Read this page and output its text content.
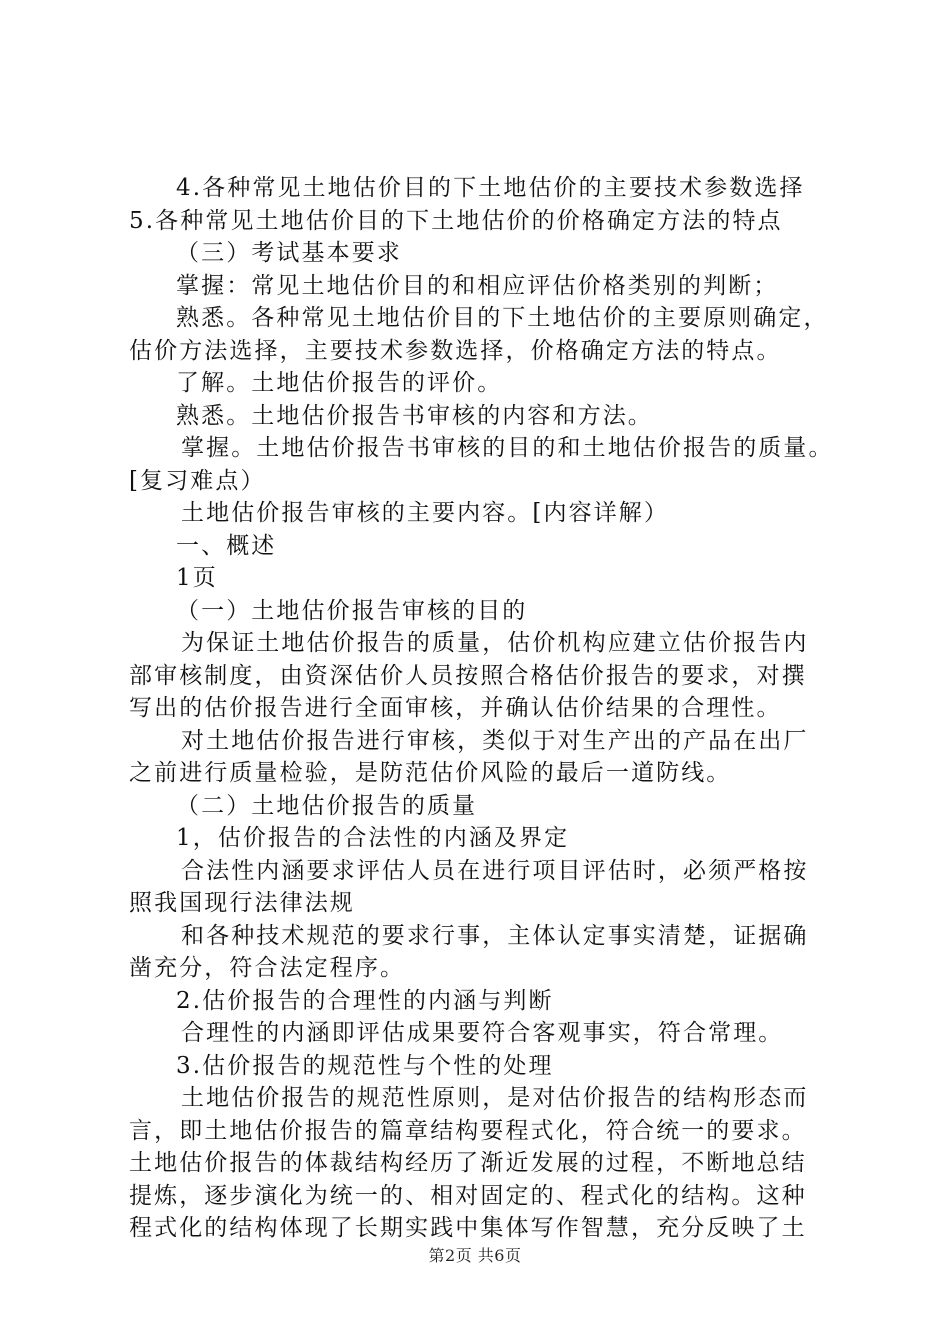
4.各种常见土地估价目的下土地估价的主要技术参数选择
5.各种常见土地估价目的下土地估价的价格确定方法的特点
（三）考试基本要求
掌握：常见土地估价目的和相应评估价格类别的判断；
熟悉。各种常见土地估价目的下土地估价的主要原则确定，
估价方法选择，主要技术参数选择，价格确定方法的特点。
了解。土地估价报告的评价。
熟悉。土地估价报告书审核的内容和方法。
掌握。土地估价报告书审核的目的和土地估价报告的质量。
[复习难点）
土地估价报告审核的主要内容。[内容详解）
一、概述
1页
（一）土地估价报告审核的目的
为保证土地估价报告的质量，估价机构应建立估价报告内
部审核制度，由资深估价人员按照合格估价报告的要求，对撰
写出的估价报告进行全面审核，并确认估价结果的合理性。
对土地估价报告进行审核，类似于对生产出的产品在出厂
之前进行质量检验，是防范估价风险的最后一道防线。
（二）土地估价报告的质量
1，估价报告的合法性的内涵及界定
合法性内涵要求评估人员在进行项目评估时，必须严格按
照我国现行法律法规
和各种技术规范的要求行事，主体认定事实清楚，证据确
凿充分，符合法定程序。
2.估价报告的合理性的内涵与判断
合理性的内涵即评估成果要符合客观事实，符合常理。
3.估价报告的规范性与个性的处理
土地估价报告的规范性原则，是对估价报告的结构形态而
言，即土地估价报告的篇章结构要程式化，符合统一的要求。
土地估价报告的体裁结构经历了渐近发展的过程，不断地总结
提炼，逐步演化为统一的、相对固定的、程式化的结构。这种
程式化的结构体现了长期实践中集体写作智慧，充分反映了土
第2页 共6页
